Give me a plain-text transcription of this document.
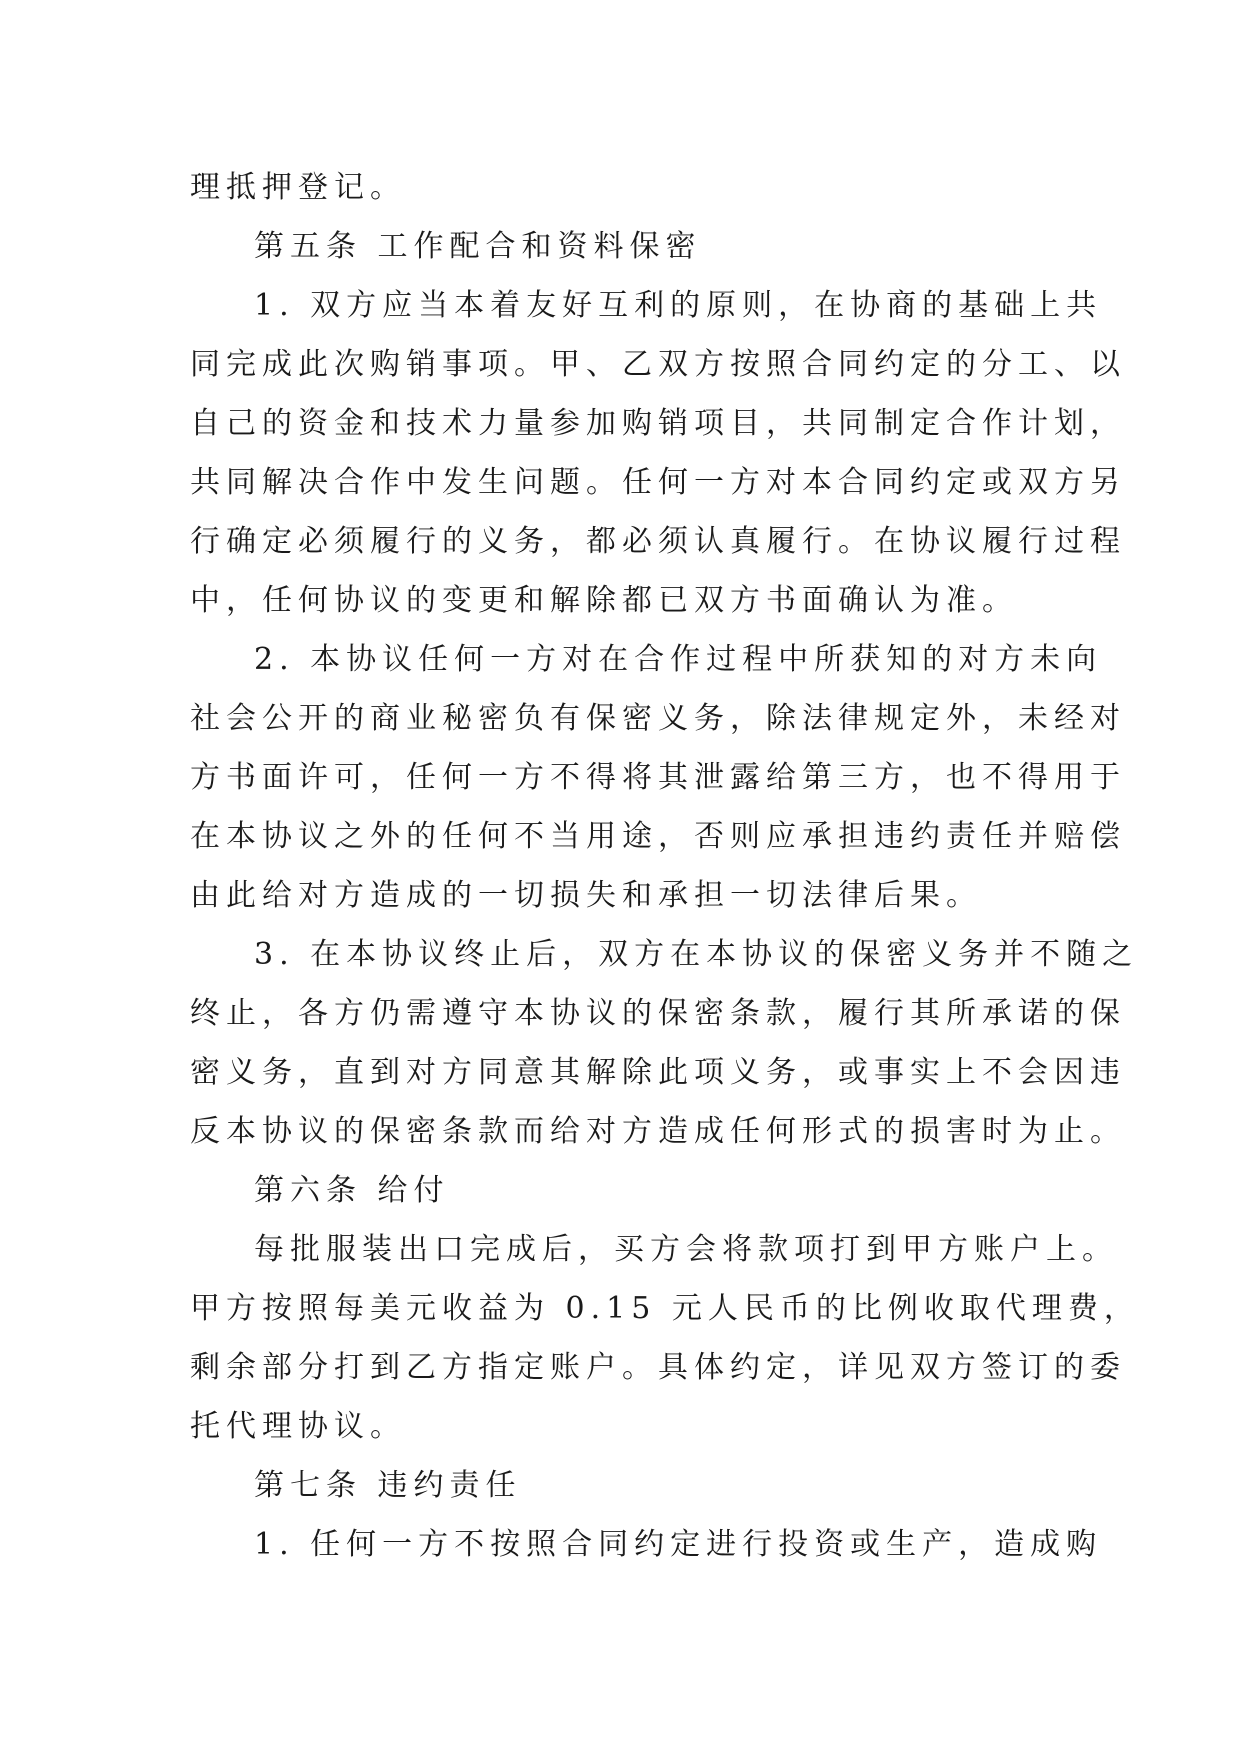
理抵押登记。
第五条 工作配合和资料保密
1. 双方应当本着友好互利的原则，在协商的基础上共
同完成此次购销事项。甲、乙双方按照合同约定的分工、以
自己的资金和技术力量参加购销项目，共同制定合作计划，
共同解决合作中发生问题。任何一方对本合同约定或双方另
行确定必须履行的义务，都必须认真履行。在协议履行过程
中，任何协议的变更和解除都已双方书面确认为准。
2. 本协议任何一方对在合作过程中所获知的对方未向
社会公开的商业秘密负有保密义务，除法律规定外，未经对
方书面许可，任何一方不得将其泄露给第三方，也不得用于
在本协议之外的任何不当用途，否则应承担违约责任并赔偿
由此给对方造成的一切损失和承担一切法律后果。
3. 在本协议终止后，双方在本协议的保密义务并不随之
终止，各方仍需遵守本协议的保密条款，履行其所承诺的保
密义务，直到对方同意其解除此项义务，或事实上不会因违
反本协议的保密条款而给对方造成任何形式的损害时为止。
第六条 给付
每批服装出口完成后，买方会将款项打到甲方账户上。
甲方按照每美元收益为 0.15 元人民币的比例收取代理费，
剩余部分打到乙方指定账户。具体约定，详见双方签订的委
托代理协议。
第七条 违约责任
1. 任何一方不按照合同约定进行投资或生产，造成购
